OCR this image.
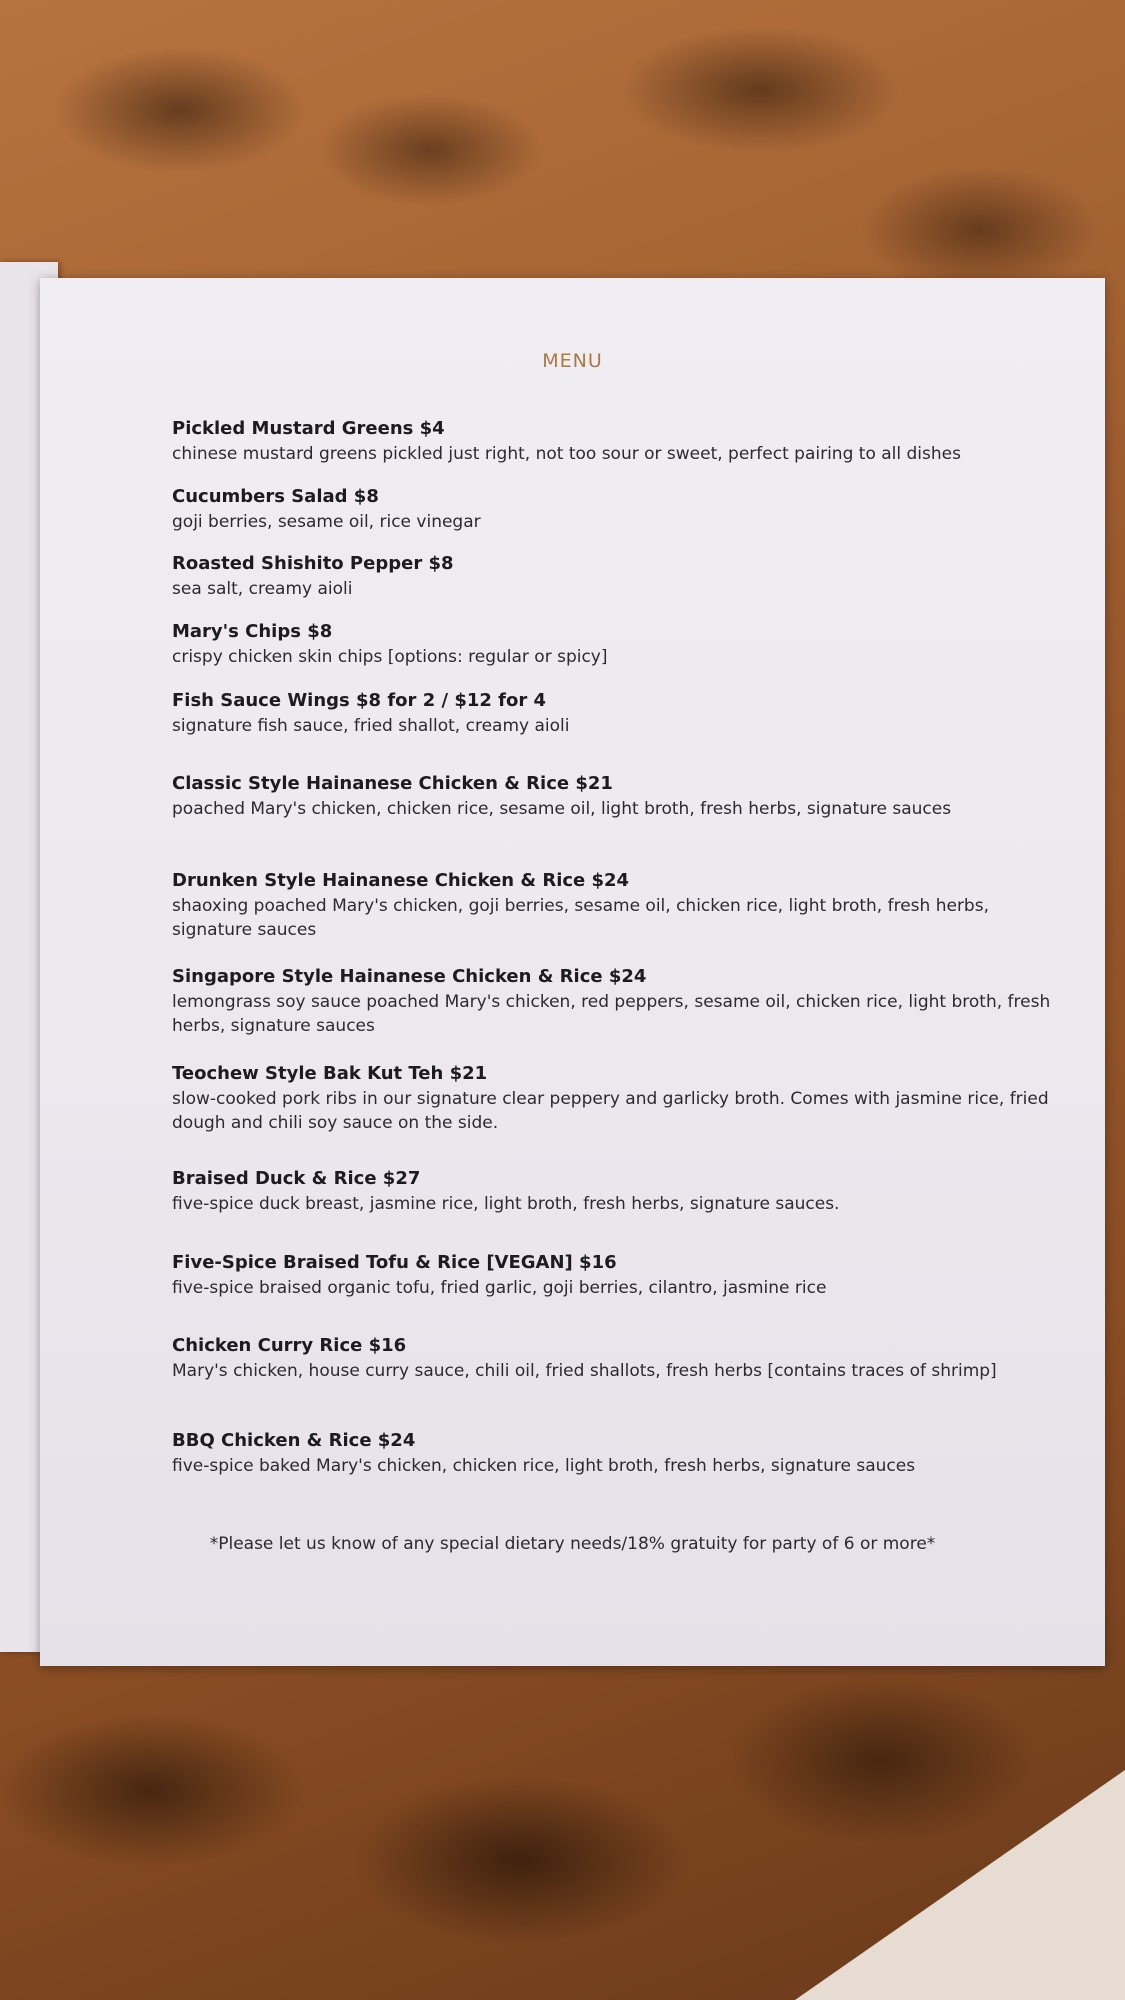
MENU
Pickled Mustard Greens $4
chinese mustard greens pickled just right, not too sour or sweet, perfect pairing to all dishes
Cucumbers Salad $8
goji berries, sesame oil, rice vinegar
Roasted Shishito Pepper $8
sea salt, creamy aioli
Mary's Chips $8
crispy chicken skin chips [options: regular or spicy]
Fish Sauce Wings $8 for 2 / $12 for 4
signature fish sauce, fried shallot, creamy aioli
Classic Style Hainanese Chicken & Rice $21
poached Mary's chicken, chicken rice, sesame oil, light broth, fresh herbs, signature sauces
Drunken Style Hainanese Chicken & Rice $24
shaoxing poached Mary's chicken, goji berries, sesame oil, chicken rice, light broth, fresh herbs, signature sauces
Singapore Style Hainanese Chicken & Rice $24
lemongrass soy sauce poached Mary's chicken, red peppers, sesame oil, chicken rice, light broth, fresh herbs, signature sauces
Teochew Style Bak Kut Teh $21
slow-cooked pork ribs in our signature clear peppery and garlicky broth. Comes with jasmine rice, fried dough and chili soy sauce on the side.
Braised Duck & Rice $27
five-spice duck breast, jasmine rice, light broth, fresh herbs, signature sauces.
Five-Spice Braised Tofu & Rice [VEGAN] $16
five-spice braised organic tofu, fried garlic, goji berries, cilantro, jasmine rice
Chicken Curry Rice $16
Mary's chicken, house curry sauce, chili oil, fried shallots, fresh herbs [contains traces of shrimp]
BBQ Chicken & Rice $24
five-spice baked Mary's chicken, chicken rice, light broth, fresh herbs, signature sauces
*Please let us know of any special dietary needs/18% gratuity for party of 6 or more*
